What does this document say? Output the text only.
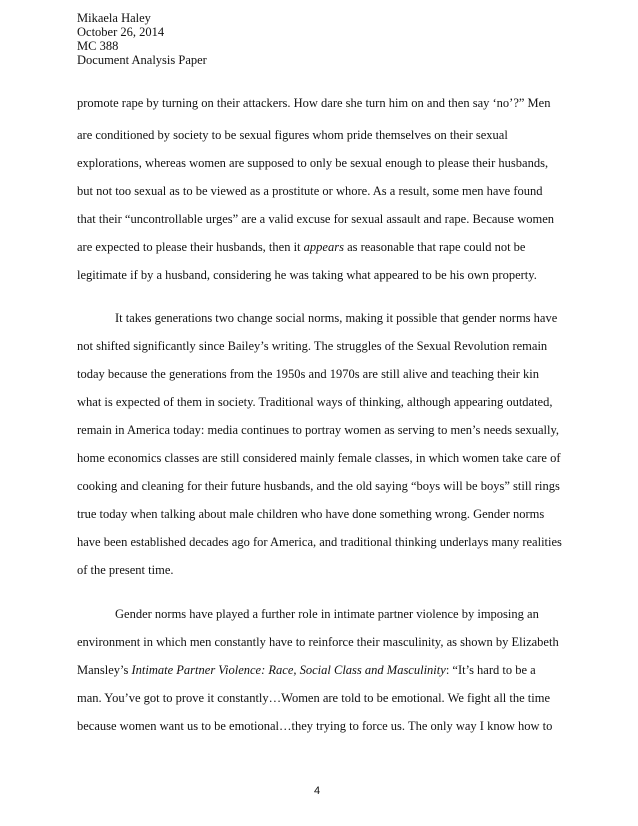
Mikaela Haley
October 26, 2014
MC 388
Document Analysis Paper
promote rape by turning on their attackers. How dare she turn him on and then say ‘no’?” Men
are conditioned by society to be sexual figures whom pride themselves on their sexual
explorations, whereas women are supposed to only be sexual enough to please their husbands,
but not too sexual as to be viewed as a prostitute or whore. As a result, some men have found
that their “uncontrollable urges” are a valid excuse for sexual assault and rape. Because women
are expected to please their husbands, then it appears as reasonable that rape could not be
legitimate if by a husband, considering he was taking what appeared to be his own property.
It takes generations two change social norms, making it possible that gender norms have
not shifted significantly since Bailey’s writing. The struggles of the Sexual Revolution remain
today because the generations from the 1950s and 1970s are still alive and teaching their kin
what is expected of them in society. Traditional ways of thinking, although appearing outdated,
remain in America today: media continues to portray women as serving to men’s needs sexually,
home economics classes are still considered mainly female classes, in which women take care of
cooking and cleaning for their future husbands, and the old saying “boys will be boys” still rings
true today when talking about male children who have done something wrong. Gender norms
have been established decades ago for America, and traditional thinking underlays many realities
of the present time.
Gender norms have played a further role in intimate partner violence by imposing an
environment in which men constantly have to reinforce their masculinity, as shown by Elizabeth
Mansley’s Intimate Partner Violence: Race, Social Class and Masculinity: “It’s hard to be a
man. You’ve got to prove it constantly…Women are told to be emotional. We fight all the time
because women want us to be emotional…they trying to force us. The only way I know how to
4
